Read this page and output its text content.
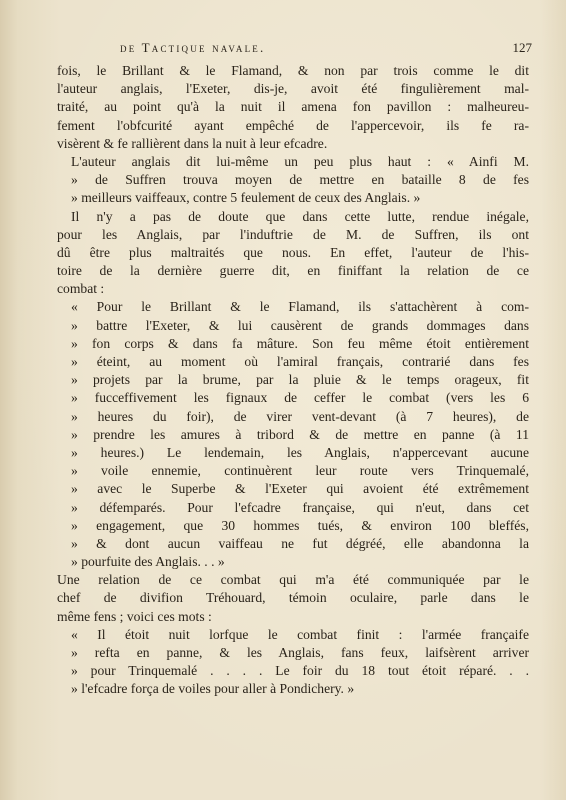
de Tactique navale.	127
fois, le Brillant & le Flamand, & non par trois comme le dit
l'auteur anglais, l'Exeter, dis-je, avoit été fingulièrement mal-
traité, au point qu'à la nuit il amena fon pavillon : malheureu-
fement l'obfcurité ayant empêché de l'appercevoir, ils fe ra-
visèrent & fe rallièrent dans la nuit à leur efcadre.
L'auteur anglais dit lui-même un peu plus haut : « Ainfi M.
» de Suffren trouva moyen de mettre en bataille 8 de fes
» meilleurs vaiffeaux, contre 5 feulement de ceux des Anglais. »
Il n'y a pas de doute que dans cette lutte, rendue inégale,
pour les Anglais, par l'induftrie de M. de Suffren, ils ont
dû être plus maltraités que nous. En effet, l'auteur de l'his-
toire de la dernière guerre dit, en finiffant la relation de ce
combat :
« Pour le Brillant & le Flamand, ils s'attachèrent à com-
» battre l'Exeter, & lui causèrent de grands dommages dans
» fon corps & dans fa mâture. Son feu même étoit entièrement
» éteint, au moment où l'amiral français, contrarié dans fes
» projets par la brume, par la pluie & le temps orageux, fit
» fucceffivement les fignaux de ceffer le combat (vers les 6
» heures du foir), de virer vent-devant (à 7 heures), de
» prendre les amures à tribord & de mettre en panne (à 11
» heures.) Le lendemain, les Anglais, n'appercevant aucune
» voile ennemie, continuèrent leur route vers Trinquemalé,
» avec le Superbe & l'Exeter qui avoient été extrêmement
» défemparés. Pour l'efcadre française, qui n'eut, dans cet
» engagement, que 30 hommes tués, & environ 100 bleffés,
» & dont aucun vaiffeau ne fut dégréé, elle abandonna la
» pourfuite des Anglais. . . »
Une relation de ce combat qui m'a été communiquée par le
chef de divifion Tréhouard, témoin oculaire, parle dans le
même fens ; voici ces mots :
« Il étoit nuit lorfque le combat finit : l'armée françaife
» refta en panne, & les Anglais, fans feux, laifsèrent arriver
» pour Trinquemalé . . . . Le foir du 18 tout étoit réparé. . .
» l'efcadre força de voiles pour aller à Pondichery. »
